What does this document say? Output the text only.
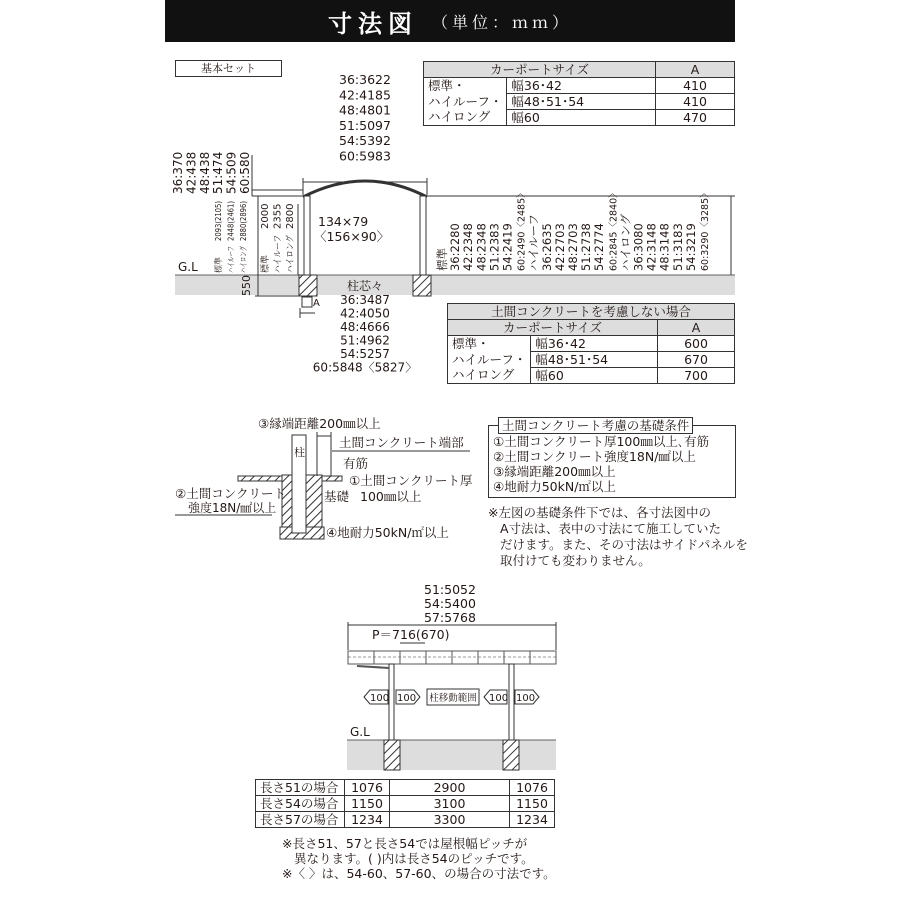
寸法図 （単位：ｍｍ）
基本セット	カーポートサイズ		A
標準・	幅36･42	410
ハイルーフ・	幅48･51･54	410
ハイロング	幅60	470
G.L
134×79
〈156×90〉
柱芯々
A
550
36:3622
42:4185
48:4801
51:5097
54:5392
60:5983
36:3487
42:4050
48:4666
51:4962
54:5257
60:5848〈5827〉
36:370 42:438 48:438 51:474 54:509 60:580
2093(2105)
標準
2448(2461)
ハイルーフ
2880(2896)
ハイロング
2000
標準
2355
ハイルーフ
2800
ハイロング	標準 36:2280 42:2348 48:2348 51:2383 54:2419 60:2490〈2485〉 ハイルーフ 36:2635 42:2703 48:2703 51:2738 54:2774 60:2845〈2840〉 ハイロング 36:3080 42:3148 48:3148 51:3183 54:3219 60:3290〈3285〉
③縁端距離200㎜以上
土間コンクリート端部
柱
有筋
①土間コンクリート厚
100㎜以上
基礎
②土間コンクリート
強度18N/㎟以上
④地耐力50kN/㎡以上
G.L
51:5052
54:5400
57:5768
P＝716(670)
100 100 柱移動範囲 100 100
土間コンクリートを考慮しない場合		
カーポートサイズ		A
標準・	幅36･42	600
ハイルーフ・	幅48･51･54	670
ハイロング	幅60	700
①土間コンクリート厚100㎜以上､有筋
②土間コンクリート強度18N/㎟以上
③縁端距離200㎜以上
④地耐力50kN/㎡以上
土間コンクリート考慮の基礎条件
※左図の基礎条件下では、各寸法図中の
A寸法は、表中の寸法にて施工していた
だけます。また、その寸法はサイドパネルを
取付けても変わりません。
長さ51の場合	1076	2900	1076
長さ54の場合	1150	3100	1150
長さ57の場合	1234	3300	1234
※長さ51、57と長さ54では屋根幅ピッチが
異なります。( )内は長さ54のピッチです。
※〈 〉は、54-60、57-60、の場合の寸法です。
